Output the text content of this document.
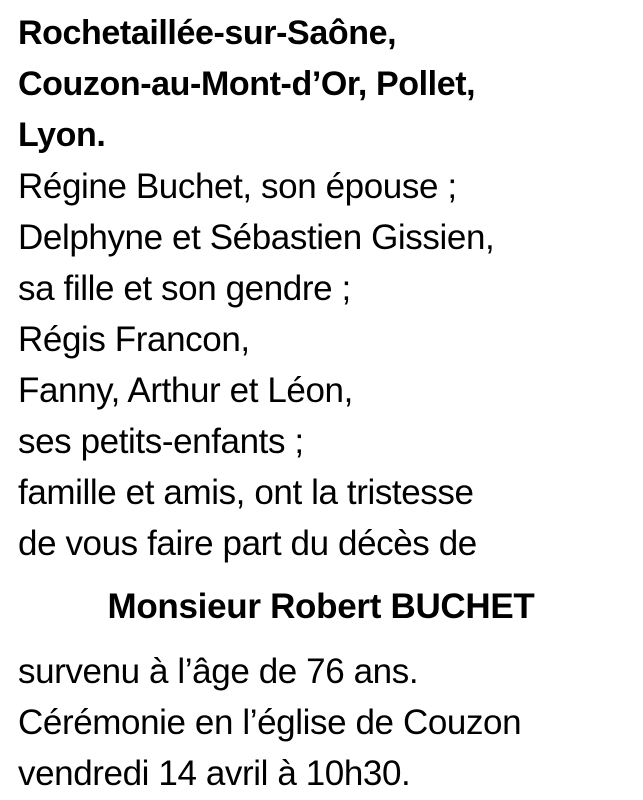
Rochetaillée-sur-Saône,
Couzon-au-Mont-d’Or, Pollet,
Lyon.
Régine Buchet, son épouse ;
Delphyne et Sébastien Gissien,
sa fille et son gendre ;
Régis Francon,
Fanny, Arthur et Léon,
ses petits-enfants ;
famille et amis, ont la tristesse
de vous faire part du décès de
Monsieur Robert BUCHET
survenu à l’âge de 76 ans.
Cérémonie en l’église de Couzon
vendredi 14 avril à 10h30.
